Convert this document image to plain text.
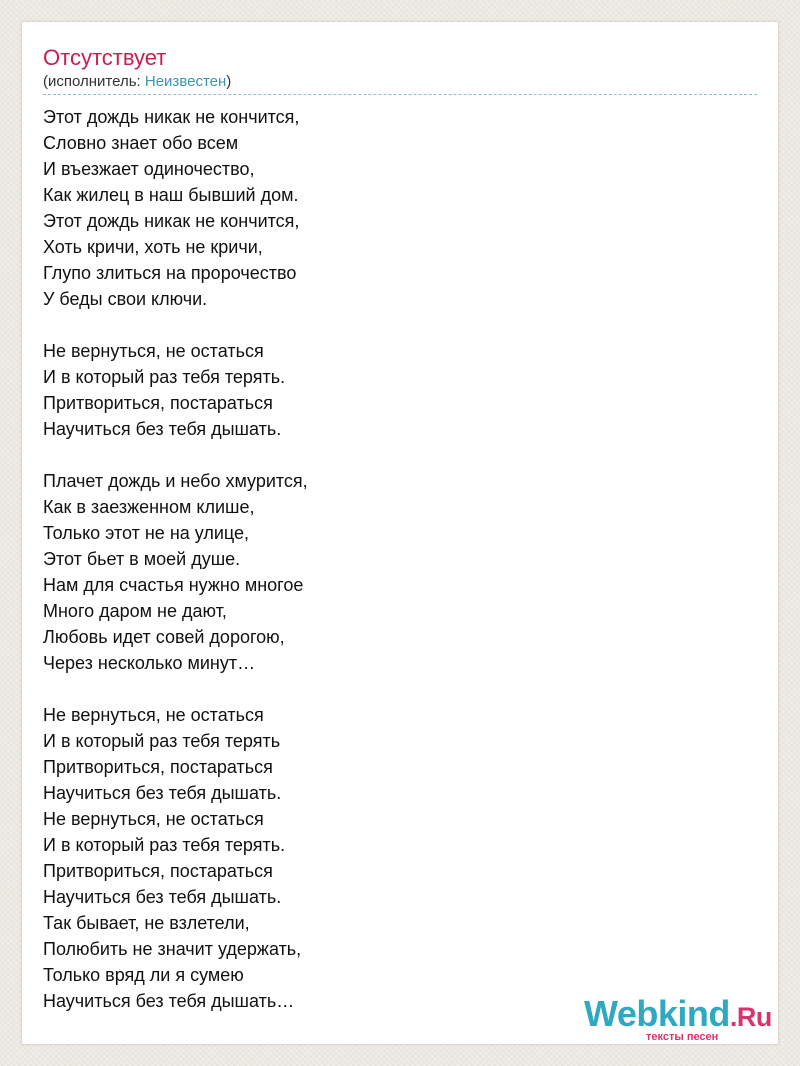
Отсутствует
(исполнитель: Неизвестен)
Этот дождь никак не кончится,
Словно знает обо всем
И въезжает одиночество,
Как жилец в наш бывший дом.
Этот дождь никак не кончится,
Хоть кричи, хоть не кричи,
Глупо злиться на пророчество
У беды свои ключи.
Не вернуться, не остаться
И в который раз тебя терять.
Притвориться, постараться
Научиться без тебя дышать.
Плачет дождь и небо хмурится,
Как в заезженном клише,
Только этот не на улице,
Этот бьет в моей душе.
Нам для счастья нужно многое
Много даром не дают,
Любовь идет совей дорогою,
Через несколько минут…
Не вернуться, не остаться
И в который раз тебя терять
Притвориться, постараться
Научиться без тебя дышать.
Не вернуться, не остаться
И в который раз тебя терять.
Притвориться, постараться
Научиться без тебя дышать.
Так бывает, не взлетели,
Полюбить не значит удержать,
Только вряд ли я сумею
Научиться без тебя дышать…	Webkind.Ru
тексты песен
